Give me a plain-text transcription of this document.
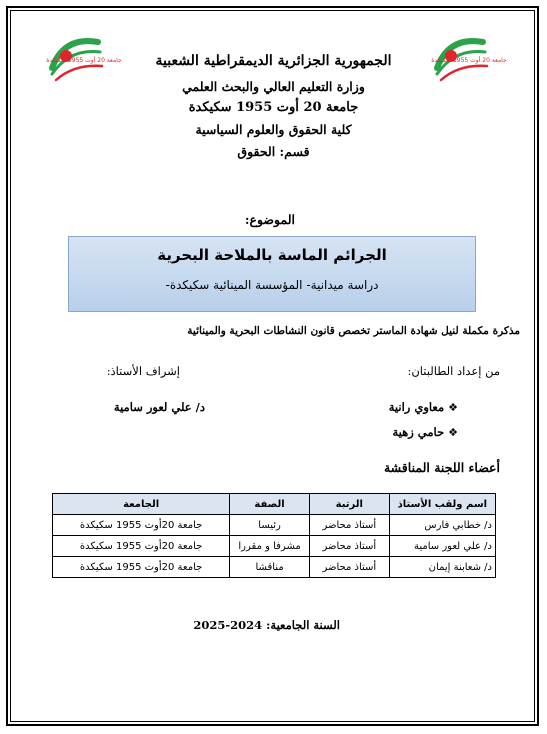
جامعة 20 أوت 1955 سكيكدة	جامعة 20 أوت 1955 سكيكدة
الجمهورية الجزائرية الديمقراطية الشعبية
وزارة التعليم العالي والبحث العلمي
جامعة 20 أوت 1955 سكيكدة
كلية الحقوق والعلوم السياسية
قسم: الحقوق
الموضوع:
الجرائم الماسة بالملاحة البحرية
دراسة ميدانية- المؤسسة المينائية سكيكدة-
مذكرة مكملة لنيل شهادة الماستر تخصص قانون النشاطات البحرية والمينائية
من إعداد الطالبتان:
إشراف الأستاذ:
❖معاوي رانية
❖حامي زهية
د/ علي لعور سامية
أعضاء اللجنة المناقشة
اسم ولقب الأستاذ	الرتبة	الصفة	الجامعة
د/ خطابي فارس	أستاذ محاضر	رئيسا	جامعة 20أوت 1955 سكيكدة
د/ علي لعور سامية	أستاذ محاضر	مشرفا و مقررا	جامعة 20أوت 1955 سكيكدة
د/ شعابنة إيمان	أستاذ محاضر	مناقشا	جامعة 20أوت 1955 سكيكدة
السنة الجامعية: 2024-2025
